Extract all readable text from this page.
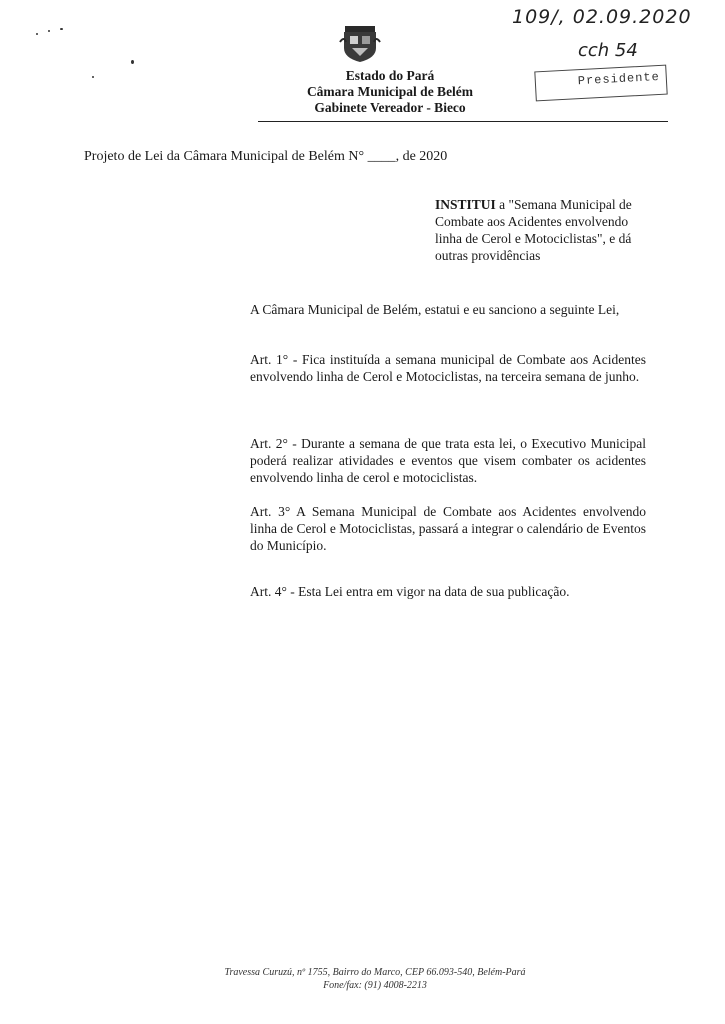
Estado do Pará
Câmara Municipal de Belém
Gabinete Vereador - Bieco
109/, 02.09.2020
cch 54
Presidente
Projeto de Lei da Câmara Municipal de Belém N° ____, de 2020
INSTITUI a "Semana Municipal de Combate aos Acidentes envolvendo linha de Cerol e Motociclistas", e dá outras providências
A Câmara Municipal de Belém, estatui e eu sanciono a seguinte Lei,
Art. 1° - Fica instituída a semana municipal de Combate aos Acidentes envolvendo linha de Cerol e Motociclistas, na terceira semana de junho.
Art. 2° - Durante a semana de que trata esta lei, o Executivo Municipal poderá realizar atividades e eventos que visem combater os acidentes envolvendo linha de cerol e motociclistas.
Art. 3° A Semana Municipal de Combate aos Acidentes envolvendo linha de Cerol e Motociclistas, passará a integrar o calendário de Eventos do Município.
Art. 4° - Esta Lei entra em vigor na data de sua publicação.
Travessa Curuzú, nº 1755, Bairro do Marco, CEP 66.093-540, Belém-Pará
Fone/fax: (91) 4008-2213
